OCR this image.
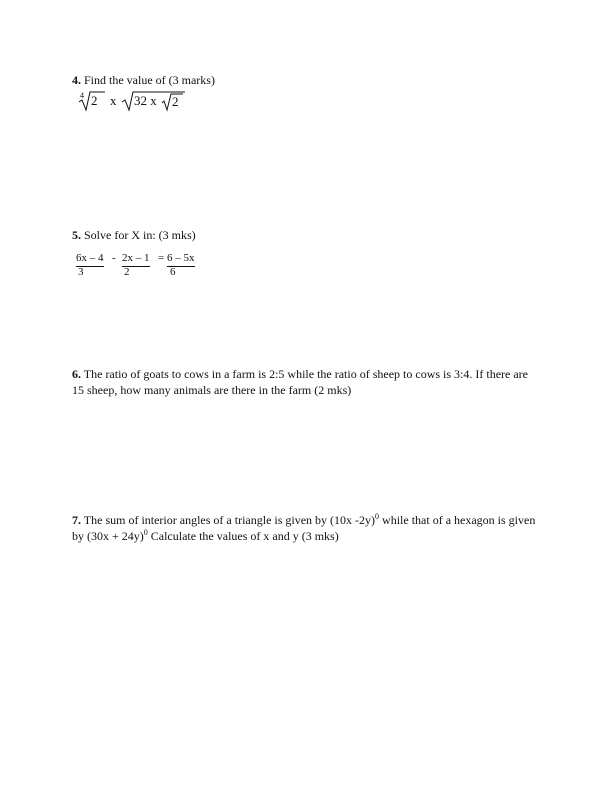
4. Find the value of (3 marks)
4 2 x 32 x 2
5. Solve for X in: (3 mks)
6x – 4
3
- 2x – 1
2
= 6 – 5x
6
6. The ratio of goats to cows in a farm is 2:5 while the ratio of sheep to cows is 3:4. If there are
15 sheep, how many animals are there in the farm (2 mks)
7. The sum of interior angles of a triangle is given by (10x -2y)$^0$ while that of a hexagon is given
by $(30x + 24y)^0$ Calculate the values of x and y (3 mks)
